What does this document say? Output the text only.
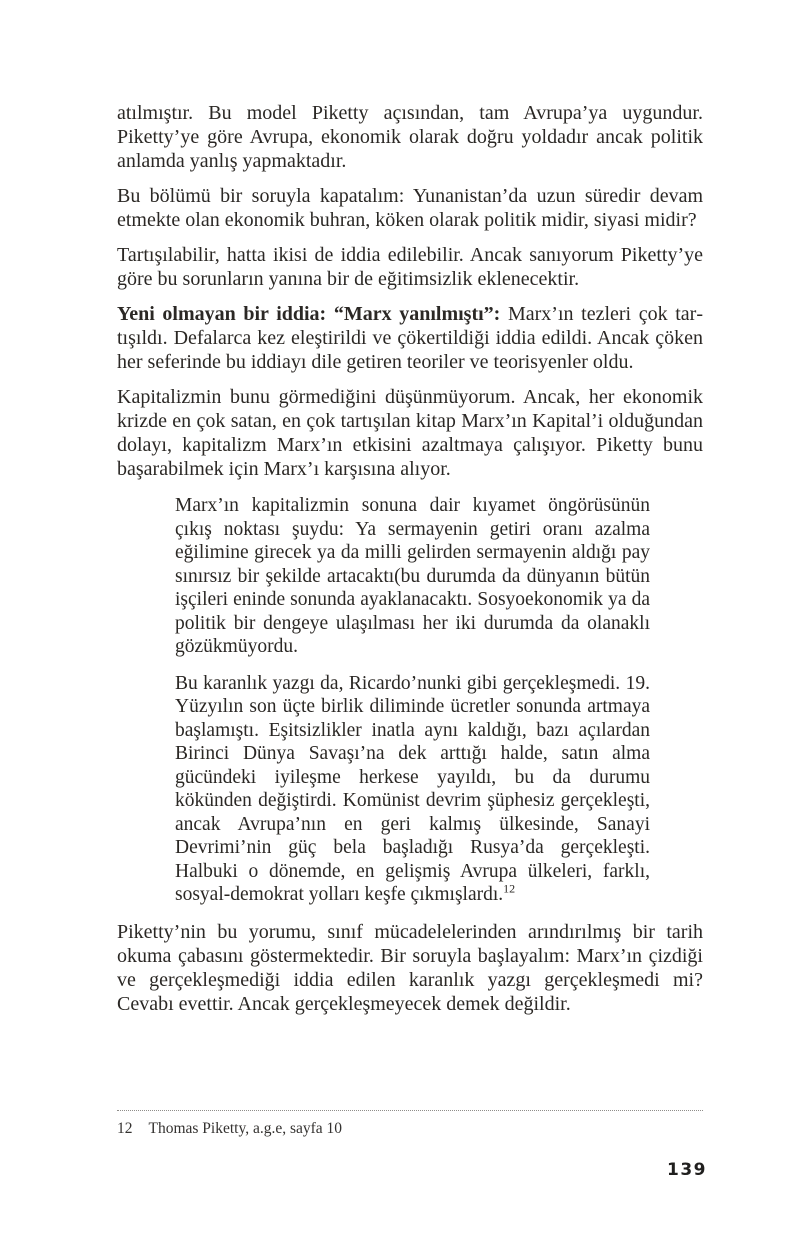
atılmıştır. Bu model Piketty açısından, tam Avrupa’ya uygundur. Piketty’ye göre Avrupa, ekonomik olarak doğru yoldadır ancak politik anlamda yanlış yapmaktadır.

Bu bölümü bir soruyla kapatalım: Yunanistan’da uzun süredir devam etmekte olan ekonomik buhran, köken olarak politik midir, siyasi midir?

Tartışılabilir, hatta ikisi de iddia edilebilir. Ancak sanıyorum Piketty’ye göre bu sorunların yanına bir de eğitimsizlik eklenecektir.

Yeni olmayan bir iddia: “Marx yanılmıştı”: Marx’ın tezleri çok tartışıldı. Defalarca kez eleştirildi ve çökertildiği iddia edildi. Ancak çöken her seferinde bu iddiayı dile getiren teoriler ve teorisyenler oldu.

Kapitalizmin bunu görmediğini düşünmüyorum. Ancak, her ekonomik krizde en çok satan, en çok tartışılan kitap Marx’ın Kapital’i olduğundan dolayı, kapitalizm Marx’ın etkisini azaltmaya çalışıyor. Piketty bunu başarabilmek için Marx’ı karşısına alıyor.

Marx’ın kapitalizmin sonuna dair kıyamet öngörüsünün çıkış noktası şuydu: Ya sermayenin getiri oranı azalma eğilimine girecek ya da milli gelirden sermayenin aldığı pay sınırsız bir şekilde artacaktı(bu durumda da dünyanın bütün işçileri eninde sonunda ayaklanacaktı. Sosyoekonomik ya da politik bir dengeye ulaşılması her iki durumda da olanaklı gözükmüyordu.

Bu karanlık yazgı da, Ricardo’nunki gibi gerçekleşmedi. 19. Yüzyılın son üçte birlik diliminde ücretler sonunda artmaya başlamıştı. Eşitsizlikler inatla aynı kaldığı, bazı açılardan Birinci Dünya Savaşı’na dek arttığı halde, satın alma gücündeki iyileşme herkese yayıldı, bu da durumu kökünden değiştirdi. Komünist devrim şüphesiz gerçekleşti, ancak Avrupa’nın en geri kalmış ülkesinde, Sanayi Devrimi’nin güç bela başladığı Rusya’da gerçekleşti. Halbuki o dönemde, en gelişmiş Avrupa ülkeleri, farklı, sosyal-demokrat yolları keşfe çıkmışlardı.$^{12}$

Piketty’nin bu yorumu, sınıf mücadelelerinden arındırılmış bir tarih okuma çabasını göstermektedir. Bir soruyla başlayalım: Marx’ın çizdiği ve gerçekleşmediği iddia edilen karanlık yazgı gerçekleşmedi mi? Cevabı evettir. Ancak gerçekleşmeyecek demek değildir.

12 Thomas Piketty, a.g.e, sayfa 10
139
